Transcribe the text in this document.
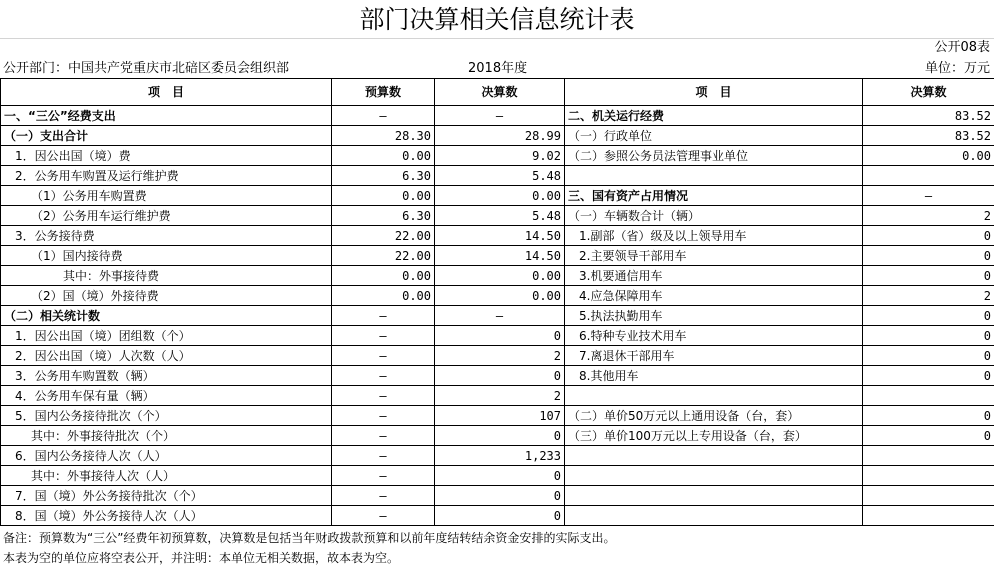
部门决算相关信息统计表
公开08表
公开部门：中国共产党重庆市北碚区委员会组织部	2018年度	单位：万元
项　目	预算数	决算数	项　目	决算数
一、“三公”经费支出	—	—	二、机关运行经费	83.52
（一）支出合计	28.30	28.99	（一）行政单位	83.52
1．因公出国（境）费	0.00	9.02	（二）参照公务员法管理事业单位	0.00
2．公务用车购置及运行维护费	6.30	5.48		
（1）公务用车购置费	0.00	0.00	三、国有资产占用情况	—
（2）公务用车运行维护费	6.30	5.48	（一）车辆数合计（辆）	2
3．公务接待费	22.00	14.50	1.副部（省）级及以上领导用车	0
（1）国内接待费	22.00	14.50	2.主要领导干部用车	0
其中：外事接待费	0.00	0.00	3.机要通信用车	0
（2）国（境）外接待费	0.00	0.00	4.应急保障用车	2
（二）相关统计数	—	—	5.执法执勤用车	0
1．因公出国（境）团组数（个）	—	0	6.特种专业技术用车	0
2．因公出国（境）人次数（人）	—	2	7.离退休干部用车	0
3．公务用车购置数（辆）	—	0	8.其他用车	0
4．公务用车保有量（辆）	—	2		
5．国内公务接待批次（个）	—	107	（二）单价50万元以上通用设备（台，套）	0
其中：外事接待批次（个）	—	0	（三）单价100万元以上专用设备（台，套）	0
6．国内公务接待人次（人）	—	1,233		
其中：外事接待人次（人）	—	0		
7．国（境）外公务接待批次（个）	—	0		
8．国（境）外公务接待人次（人）	—	0		
备注：预算数为“三公”经费年初预算数，决算数是包括当年财政拨款预算和以前年度结转结余资金安排的实际支出。
本表为空的单位应将空表公开，并注明：本单位无相关数据，故本表为空。
